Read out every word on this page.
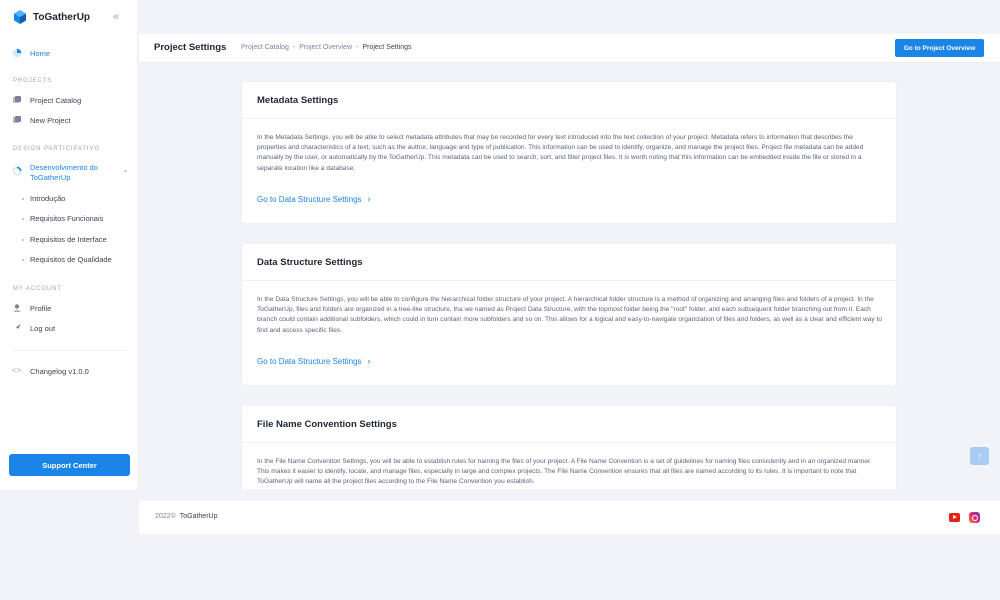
ToGatherUp «
Home
PROJECTS
Project Catalog
New Project
DESIGN PARTICIPATIVO
Desenvolvimento do ToGatherUp
⌄
Introdução
Requisitos Funcionais
Requisitos de Interface
Requisitos de Qualidade
MY ACCOUNT
Profile
Log out
<> Changelog v1.0.0
Support Center
Project Settings Project Catalog - Project Overview - Project Settings	Go to Project Overview
Metadata Settings

In the Metadata Settings, you will be able to select metadata attributes that may be recorded for every text introduced into the text collection of your project. Metadata refers to information that describes the properties and characteristics of a text, such as the author, language and type of publication. This information can be used to identify, organize, and manage the project files. Project file metadata can be added manually by the user, or automatically by the ToGatherUp. This metadata can be used to search, sort, and filter project files. It is worth noting that this information can be embedded inside the file or stored in a separate location like a database.

Go to Data Structure Settings ›
Data Structure Settings

In the Data Structure Settings, you will be able to configure the hierarchical folder structure of your project. A hierarchical folder structure is a method of organizing and arranging files and folders of a project. In the ToGatherUp, files and folders are organized in a tree-like structure, tha we named as Project Data Structure, with the topmost folder being the "root" folder, and each subsequent folder branching out from it. Each branch could contain additional subfolders, which could in turn contain more subfolders and so on. This allows for a logical and easy-to-navigate organization of files and folders, as well as a clear and efficient way to find and access specific files.

Go to Data Structure Settings ›
File Name Convention Settings

In the File Name Convention Settings, you will be able to establish rules for naming the files of your project. A File Name Convention is a set of guidelines for naming files consistently and in an organized manner. This makes it easier to identify, locate, and manage files, especially in large and complex projects. The File Name Convention ensures that all files are named according to its rules. It is important to note that ToGatherUp will name all the project files according to the File Name Convention you establish.

↑
2022© ToGatherUp
